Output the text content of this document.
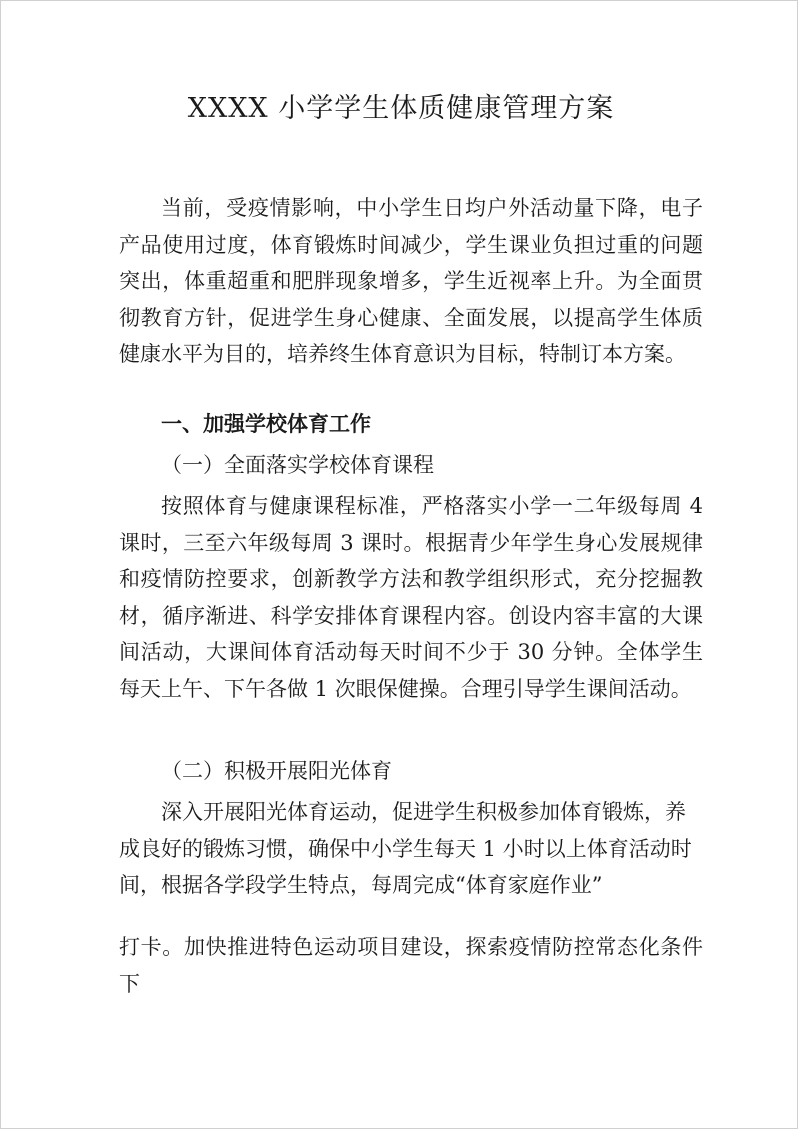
XXXX 小学学生体质健康管理方案

当前，受疫情影响，中小学生日均户外活动量下降，电子产品使用过度，体育锻炼时间减少，学生课业负担过重的问题突出，体重超重和肥胖现象增多，学生近视率上升。为全面贯彻教育方针，促进学生身心健康、全面发展，以提高学生体质健康水平为目的，培养终生体育意识为目标，特制订本方案。

一、加强学校体育工作
（一）全面落实学校体育课程

按照体育与健康课程标准，严格落实小学一二年级每周 4 课时，三至六年级每周 3 课时。根据青少年学生身心发展规律和疫情防控要求，创新教学方法和教学组织形式，充分挖掘教材，循序渐进、科学安排体育课程内容。创设内容丰富的大课间活动，大课间体育活动每天时间不少于 30 分钟。全体学生每天上午、下午各做 1 次眼保健操。合理引导学生课间活动。

（二）积极开展阳光体育

深入开展阳光体育运动，促进学生积极参加体育锻炼，养成良好的锻炼习惯，确保中小学生每天 1 小时以上体育活动时间，根据各学段学生特点，每周完成“体育家庭作业”

打卡。加快推进特色运动项目建设，探索疫情防控常态化条件下
